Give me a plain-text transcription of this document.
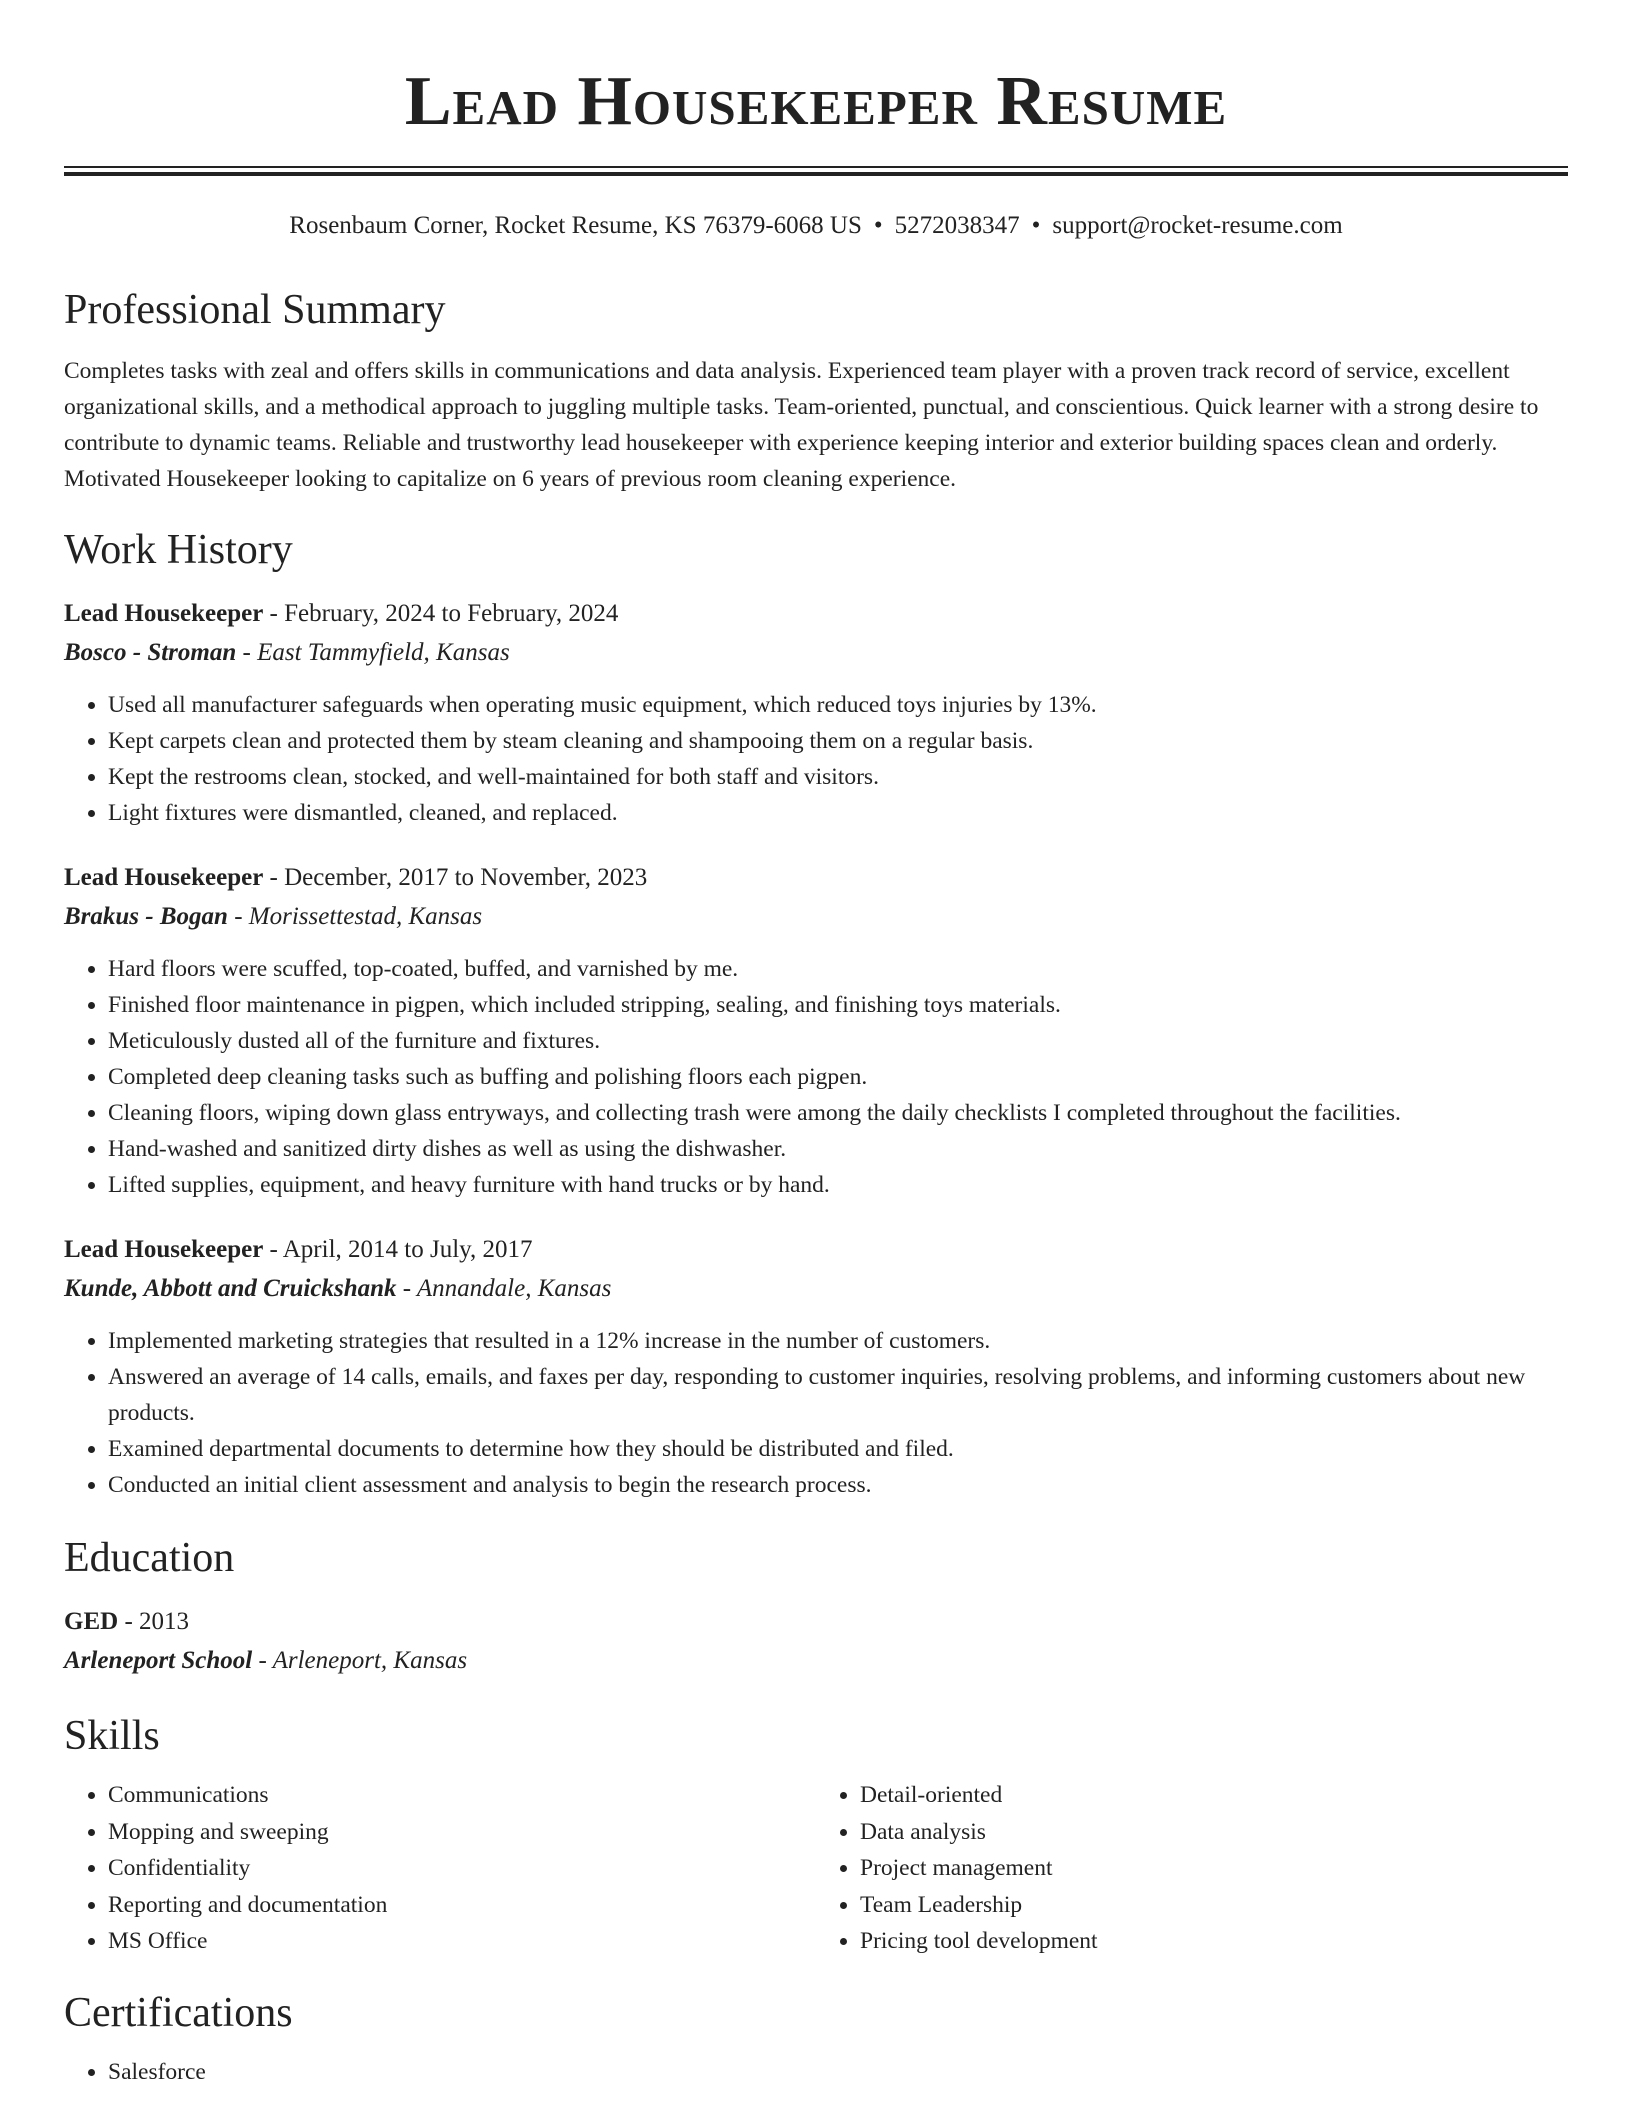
Lead Housekeeper Resume
Rosenbaum Corner, Rocket Resume, KS 76379-6068 US • 5272038347 • support@rocket-resume.com
Professional Summary
Completes tasks with zeal and offers skills in communications and data analysis. Experienced team player with a proven track record of service, excellent organizational skills, and a methodical approach to juggling multiple tasks. Team-oriented, punctual, and conscientious. Quick learner with a strong desire to contribute to dynamic teams. Reliable and trustworthy lead housekeeper with experience keeping interior and exterior building spaces clean and orderly. Motivated Housekeeper looking to capitalize on 6 years of previous room cleaning experience.
Work History
Lead Housekeeper - February, 2024 to February, 2024
Bosco - Stroman - East Tammyfield, Kansas
• Used all manufacturer safeguards when operating music equipment, which reduced toys injuries by 13%.
• Kept carpets clean and protected them by steam cleaning and shampooing them on a regular basis.
• Kept the restrooms clean, stocked, and well-maintained for both staff and visitors.
• Light fixtures were dismantled, cleaned, and replaced.
Lead Housekeeper - December, 2017 to November, 2023
Brakus - Bogan - Morissettestad, Kansas
• Hard floors were scuffed, top-coated, buffed, and varnished by me.
• Finished floor maintenance in pigpen, which included stripping, sealing, and finishing toys materials.
• Meticulously dusted all of the furniture and fixtures.
• Completed deep cleaning tasks such as buffing and polishing floors each pigpen.
• Cleaning floors, wiping down glass entryways, and collecting trash were among the daily checklists I completed throughout the facilities.
• Hand-washed and sanitized dirty dishes as well as using the dishwasher.
• Lifted supplies, equipment, and heavy furniture with hand trucks or by hand.
Lead Housekeeper - April, 2014 to July, 2017
Kunde, Abbott and Cruickshank - Annandale, Kansas
• Implemented marketing strategies that resulted in a 12% increase in the number of customers.
• Answered an average of 14 calls, emails, and faxes per day, responding to customer inquiries, resolving problems, and informing customers about new products.
• Examined departmental documents to determine how they should be distributed and filed.
• Conducted an initial client assessment and analysis to begin the research process.
Education
GED - 2013
Arleneport School - Arleneport, Kansas
Skills
• Communications
• Mopping and sweeping
• Confidentiality
• Reporting and documentation
• MS Office
• Detail-oriented
• Data analysis
• Project management
• Team Leadership
• Pricing tool development
Certifications
• Salesforce
